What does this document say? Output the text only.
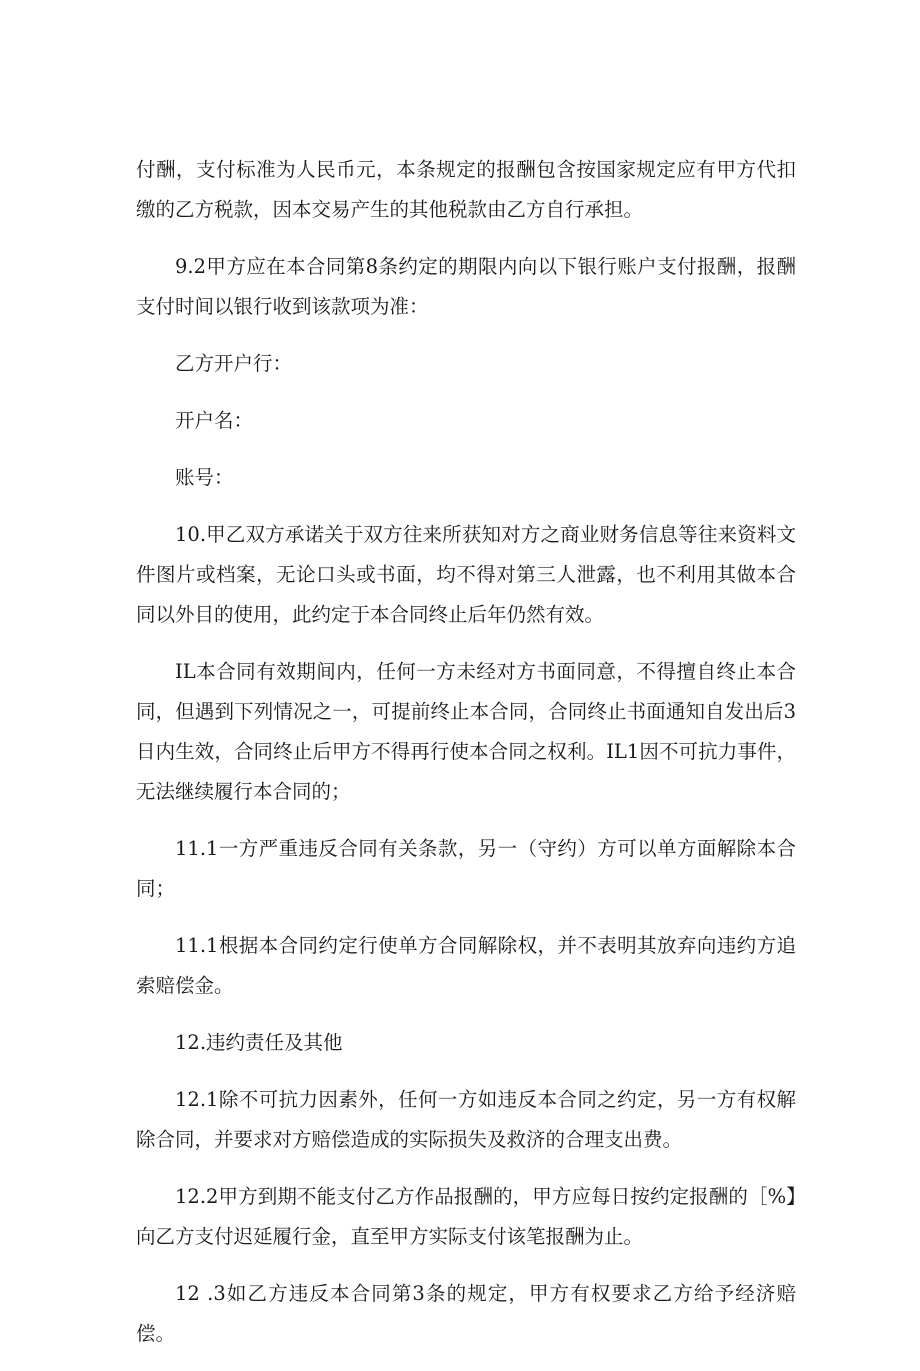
付酬，支付标准为人民币元，本条规定的报酬包含按国家规定应有甲方代扣缴的乙方税款，因本交易产生的其他税款由乙方自行承担。

9.2甲方应在本合同第8条约定的期限内向以下银行账户支付报酬，报酬支付时间以银行收到该款项为准：

乙方开户行：

开户名：

账号：

10.甲乙双方承诺关于双方往来所获知对方之商业财务信息等往来资料文件图片或档案，无论口头或书面，均不得对第三人泄露，也不利用其做本合同以外目的使用，此约定于本合同终止后年仍然有效。

IL本合同有效期间内，任何一方未经对方书面同意，不得擅自终止本合同，但遇到下列情况之一，可提前终止本合同，合同终止书面通知自发出后3日内生效，合同终止后甲方不得再行使本合同之权利。IL1因不可抗力事件，无法继续履行本合同的；

11.1一方严重违反合同有关条款，另一（守约）方可以单方面解除本合同；

11.1根据本合同约定行使单方合同解除权，并不表明其放弃向违约方追索赔偿金。

12.违约责任及其他

12.1除不可抗力因素外，任何一方如违反本合同之约定，另一方有权解除合同，并要求对方赔偿造成的实际损失及救济的合理支出费。

12.2甲方到期不能支付乙方作品报酬的，甲方应每日按约定报酬的［%】向乙方支付迟延履行金，直至甲方实际支付该笔报酬为止。

12 .3如乙方违反本合同第3条的规定，甲方有权要求乙方给予经济赔偿。
